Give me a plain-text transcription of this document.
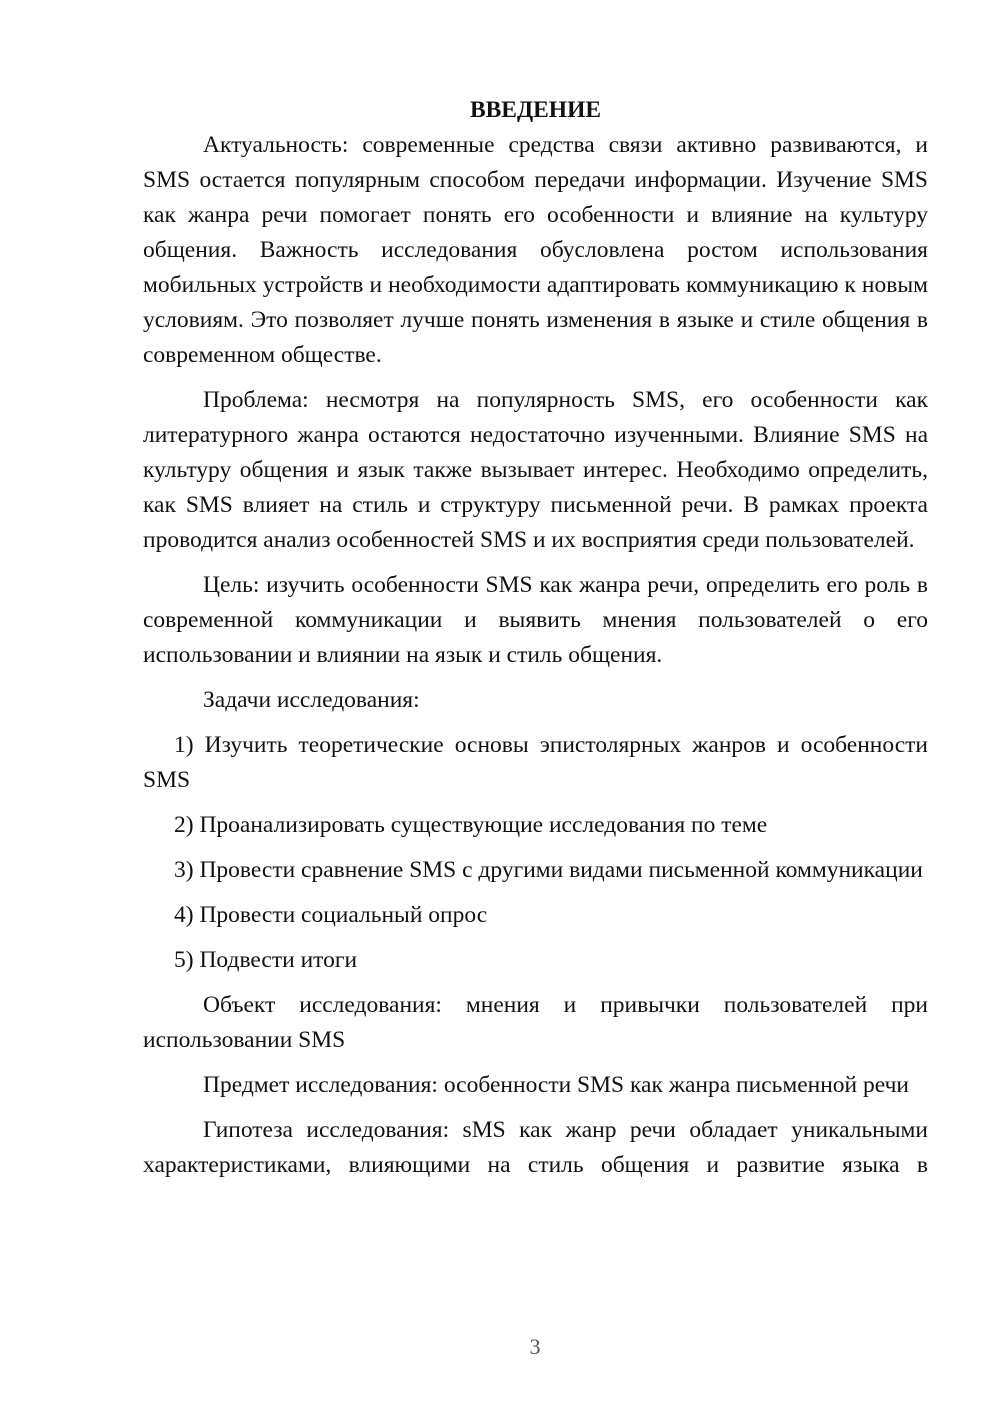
ВВЕДЕНИЕ

Актуальность: современные средства связи активно развиваются, и SMS остается популярным способом передачи информации. Изучение SMS как жанра речи помогает понять его особенности и влияние на культуру общения. Важность исследования обусловлена ростом использования мобильных устройств и необходимости адаптировать коммуникацию к новым условиям. Это позволяет лучше понять изменения в языке и стиле общения в современном обществе.

Проблема: несмотря на популярность SMS, его особенности как литературного жанра остаются недостаточно изученными. Влияние SMS на культуру общения и язык также вызывает интерес. Необходимо определить, как SMS влияет на стиль и структуру письменной речи. В рамках проекта проводится анализ особенностей SMS и их восприятия среди пользователей.

Цель: изучить особенности SMS как жанра речи, определить его роль в современной коммуникации и выявить мнения пользователей о его использовании и влиянии на язык и стиль общения.

Задачи исследования:

1) Изучить теоретические основы эпистолярных жанров и особенности SMS

2) Проанализировать существующие исследования по теме

3) Провести сравнение SMS с другими видами письменной коммуникации

4) Провести социальный опрос

5) Подвести итоги

Объект исследования: мнения и привычки пользователей при использовании SMS

Предмет исследования: особенности SMS как жанра письменной речи

Гипотеза исследования: sMS как жанр речи обладает уникальными характеристиками, влияющими на стиль общения и развитие языка в

3
